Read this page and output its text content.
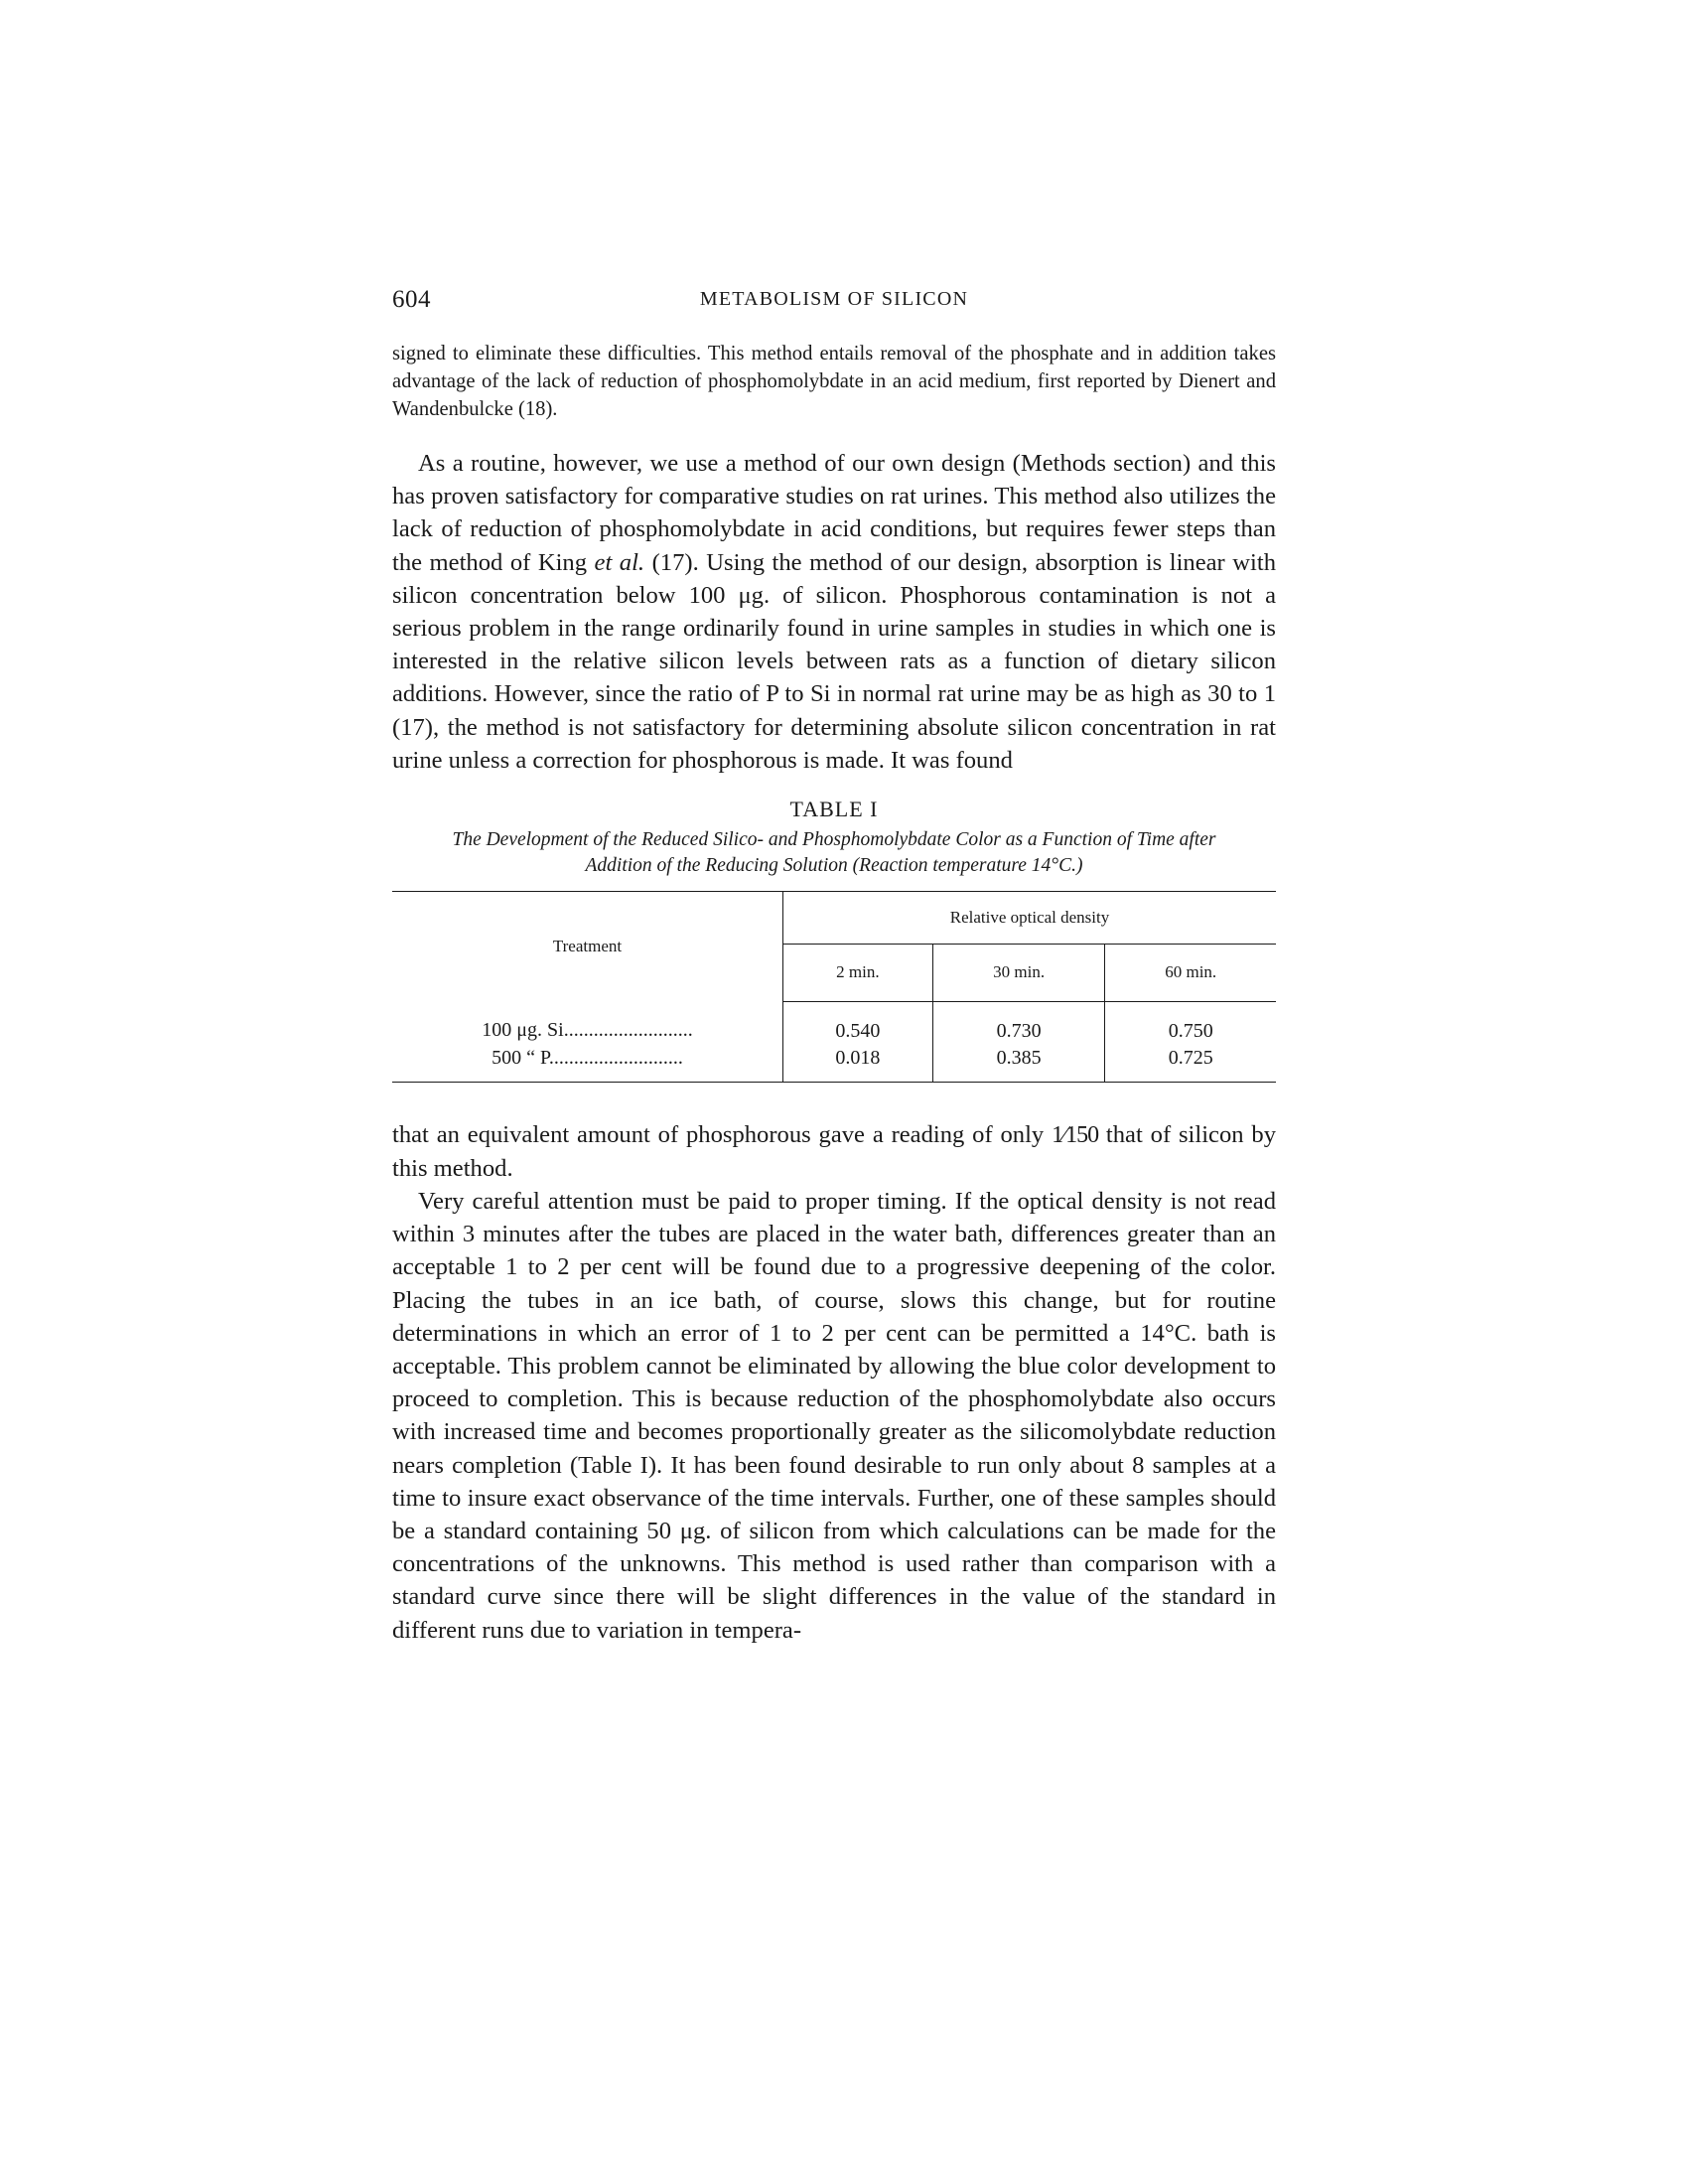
604	METABOLISM OF SILICON

signed to eliminate these difficulties. This method entails removal of the phosphate and in addition takes advantage of the lack of reduction of phosphomolybdate in an acid medium, first reported by Dienert and Wandenbulcke (18).

As a routine, however, we use a method of our own design (Methods section) and this has proven satisfactory for comparative studies on rat urines. This method also utilizes the lack of reduction of phosphomolybdate in acid conditions, but requires fewer steps than the method of King et al. (17). Using the method of our design, absorption is linear with silicon concentration below 100 μg. of silicon. Phosphorous contamination is not a serious problem in the range ordinarily found in urine samples in studies in which one is interested in the relative silicon levels between rats as a function of dietary silicon additions. However, since the ratio of P to Si in normal rat urine may be as high as 30 to 1 (17), the method is not satisfactory for determining absolute silicon concentration in rat urine unless a correction for phosphorous is made. It was found

TABLE I
The Development of the Reduced Silico- and Phosphomolybdate Color as a Function of Time after Addition of the Reducing Solution (Reaction temperature 14°C.)
Treatment	Relative optical density		
	2 min.	30 min.	60 min.
100 μg. Si..........................	0.540	0.730	0.750
500 “ P...........................	0.018	0.385	0.725

that an equivalent amount of phosphorous gave a reading of only 1⁄150 that of silicon by this method.

Very careful attention must be paid to proper timing. If the optical density is not read within 3 minutes after the tubes are placed in the water bath, differences greater than an acceptable 1 to 2 per cent will be found due to a progressive deepening of the color. Placing the tubes in an ice bath, of course, slows this change, but for routine determinations in which an error of 1 to 2 per cent can be permitted a 14°C. bath is acceptable. This problem cannot be eliminated by allowing the blue color development to proceed to completion. This is because reduction of the phosphomolybdate also occurs with increased time and becomes proportionally greater as the silicomolybdate reduction nears completion (Table I). It has been found desirable to run only about 8 samples at a time to insure exact observance of the time intervals. Further, one of these samples should be a standard containing 50 μg. of silicon from which calculations can be made for the concentrations of the unknowns. This method is used rather than comparison with a standard curve since there will be slight differences in the value of the standard in different runs due to variation in tempera-
